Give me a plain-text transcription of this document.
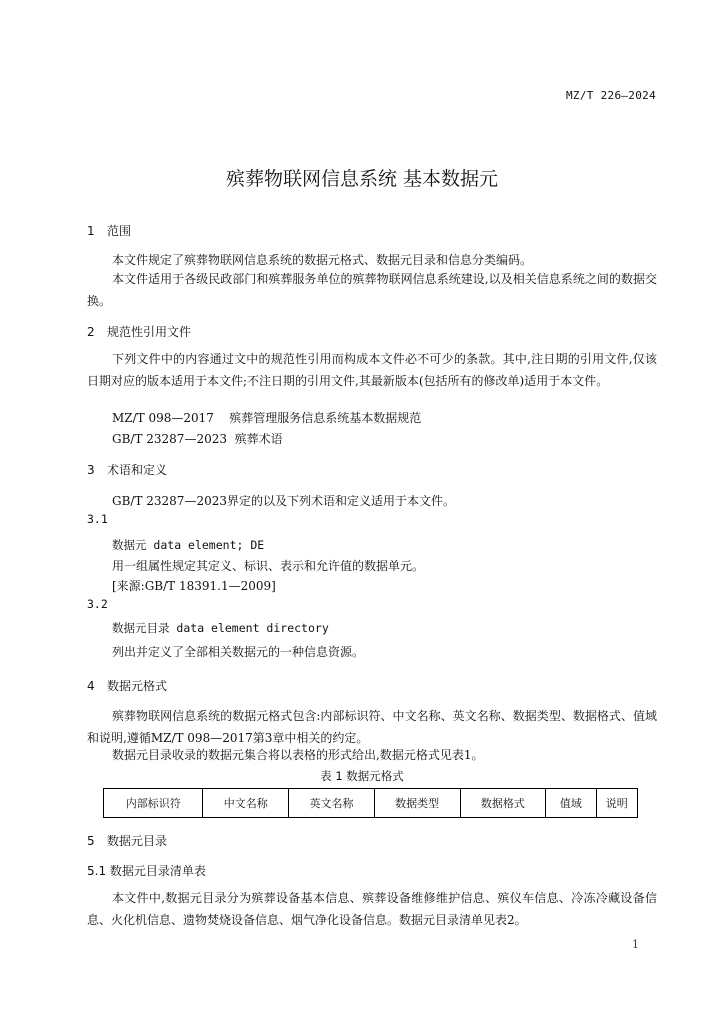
MZ/T 226—2024
殡葬物联网信息系统 基本数据元
1 范围
本文件规定了殡葬物联网信息系统的数据元格式、数据元目录和信息分类编码。
本文件适用于各级民政部门和殡葬服务单位的殡葬物联网信息系统建设,以及相关信息系统之间的数据交换。
2 规范性引用文件
下列文件中的内容通过文中的规范性引用而构成本文件必不可少的条款。其中,注日期的引用文件,仅该日期对应的版本适用于本文件;不注日期的引用文件,其最新版本(包括所有的修改单)适用于本文件。
MZ/T 098—2017    殡葬管理服务信息系统基本数据规范
GB/T 23287—2023  殡葬术语
3 术语和定义
GB/T 23287—2023界定的以及下列术语和定义适用于本文件。
3.1
数据元 data element; DE
用一组属性规定其定义、标识、表示和允许值的数据单元。
[来源:GB/T 18391.1—2009]
3.2
数据元目录 data element directory
列出并定义了全部相关数据元的一种信息资源。
4 数据元格式
殡葬物联网信息系统的数据元格式包含:内部标识符、中文名称、英文名称、数据类型、数据格式、值域和说明,遵循MZ/T 098—2017第3章中相关的约定。
数据元目录收录的数据元集合将以表格的形式给出,数据元格式见表1。
表 1 数据元格式
内部标识符	中文名称	英文名称	数据类型	数据格式	值域	说明
5 数据元目录
5.1 数据元目录清单表
本文件中,数据元目录分为殡葬设备基本信息、殡葬设备维修维护信息、殡仪车信息、冷冻冷藏设备信息、火化机信息、遗物焚烧设备信息、烟气净化设备信息。数据元目录清单见表2。
1
